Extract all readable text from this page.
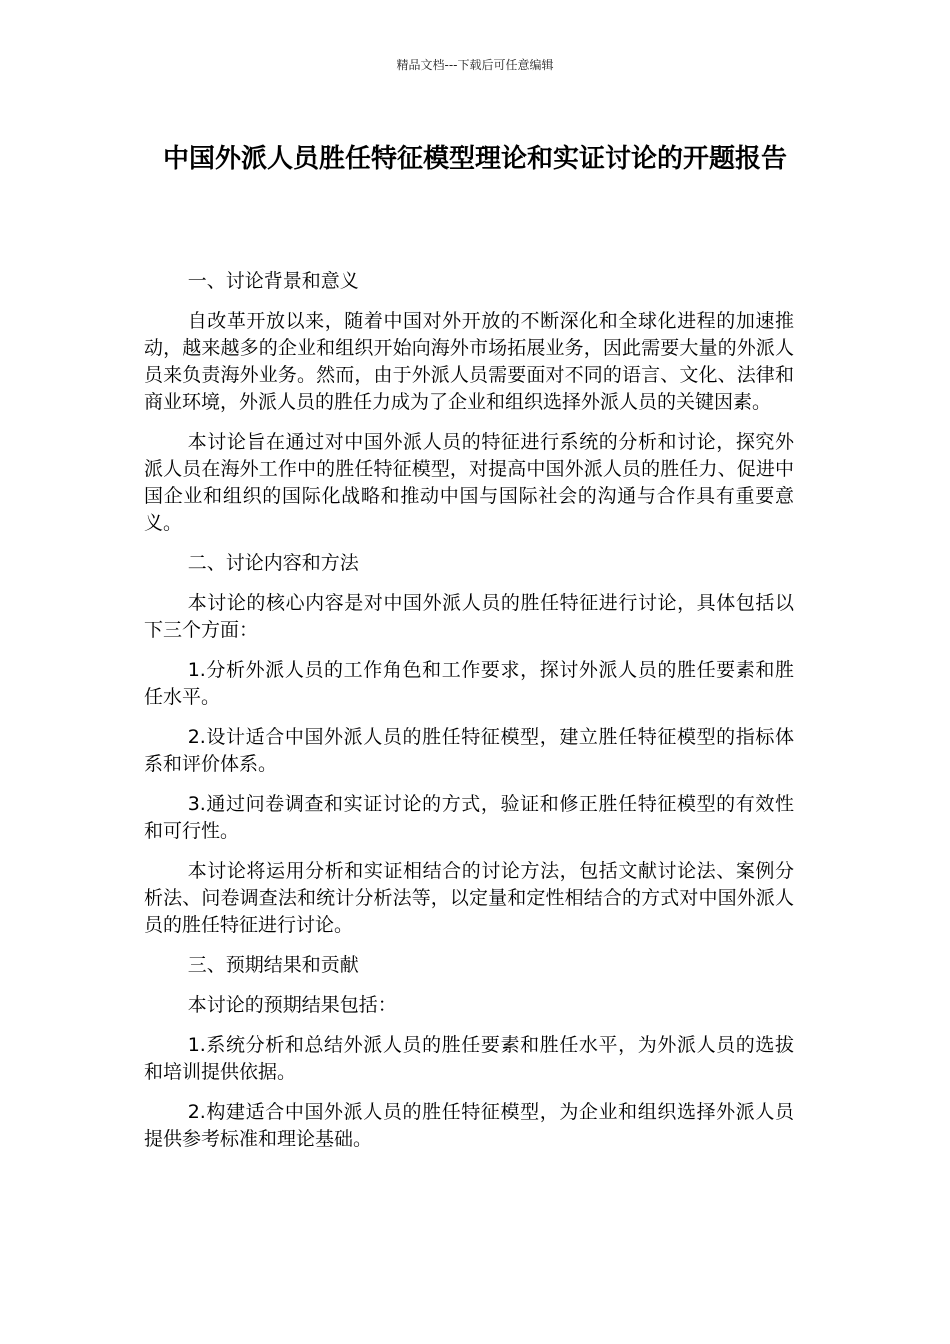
精品文档---下载后可任意编辑
中国外派人员胜任特征模型理论和实证讨论的开题报告

一、讨论背景和意义

自改革开放以来，随着中国对外开放的不断深化和全球化进程的加速推动，越来越多的企业和组织开始向海外市场拓展业务，因此需要大量的外派人员来负责海外业务。然而，由于外派人员需要面对不同的语言、文化、法律和商业环境，外派人员的胜任力成为了企业和组织选择外派人员的关键因素。

本讨论旨在通过对中国外派人员的特征进行系统的分析和讨论，探究外派人员在海外工作中的胜任特征模型，对提高中国外派人员的胜任力、促进中国企业和组织的国际化战略和推动中国与国际社会的沟通与合作具有重要意义。

二、讨论内容和方法

本讨论的核心内容是对中国外派人员的胜任特征进行讨论，具体包括以下三个方面：

1.分析外派人员的工作角色和工作要求，探讨外派人员的胜任要素和胜任水平。

2.设计适合中国外派人员的胜任特征模型，建立胜任特征模型的指标体系和评价体系。

3.通过问卷调查和实证讨论的方式，验证和修正胜任特征模型的有效性和可行性。

本讨论将运用分析和实证相结合的讨论方法，包括文献讨论法、案例分析法、问卷调查法和统计分析法等，以定量和定性相结合的方式对中国外派人员的胜任特征进行讨论。

三、预期结果和贡献

本讨论的预期结果包括：

1.系统分析和总结外派人员的胜任要素和胜任水平，为外派人员的选拔和培训提供依据。

2.构建适合中国外派人员的胜任特征模型，为企业和组织选择外派人员提供参考标准和理论基础。
